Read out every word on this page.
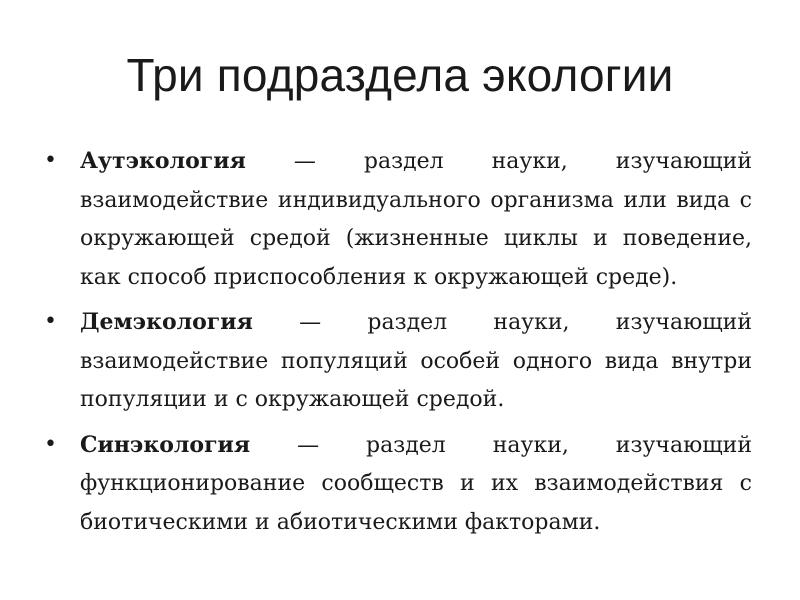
Три подраздела экологии
• Аутэкология — раздел науки, изучающий взаимодействие индивидуального организма или вида с окружающей средой (жизненные циклы и поведение, как способ приспособления к окружающей среде).
• Демэкология — раздел науки, изучающий взаимодействие популяций особей одного вида внутри популяции и с окружающей средой.
• Синэкология — раздел науки, изучающий функционирование сообществ и их взаимодействия с биотическими и абиотическими факторами.
